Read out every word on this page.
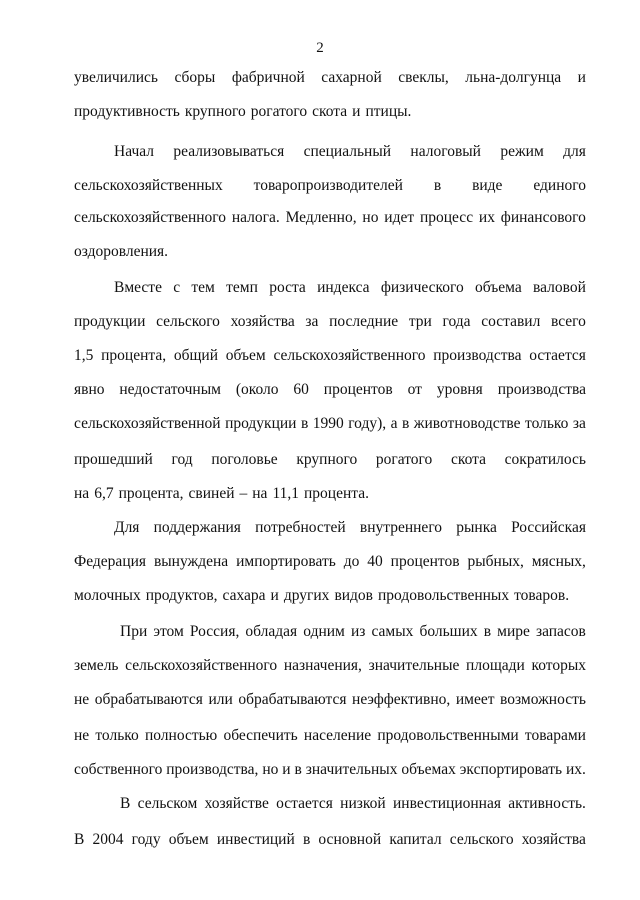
2
увеличились сборы фабричной сахарной свеклы, льна-долгунца и
продуктивность крупного рогатого скота и птицы.
Начал реализовываться специальный налоговый режим для
сельскохозяйственных товаропроизводителей в виде единого
сельскохозяйственного налога. Медленно, но идет процесс их финансового
оздоровления.
Вместе с тем темп роста индекса физического объема валовой
продукции сельского хозяйства за последние три года составил всего
1,5 процента, общий объем сельскохозяйственного производства остается
явно недостаточным (около 60 процентов от уровня производства
сельскохозяйственной продукции в 1990 году), а в животноводстве только за
прошедший год поголовье крупного рогатого скота сократилось
на 6,7 процента, свиней – на 11,1 процента.
Для поддержания потребностей внутреннего рынка Российская
Федерация вынуждена импортировать до 40 процентов рыбных, мясных,
молочных продуктов, сахара и других видов продовольственных товаров.
При этом Россия, обладая одним из самых больших в мире запасов
земель сельскохозяйственного назначения, значительные площади которых
не обрабатываются или обрабатываются неэффективно, имеет возможность
не только полностью обеспечить население продовольственными товарами
собственного производства, но и в значительных объемах экспортировать их.
В сельском хозяйстве остается низкой инвестиционная активность.
В 2004 году объем инвестиций в основной капитал сельского хозяйства
